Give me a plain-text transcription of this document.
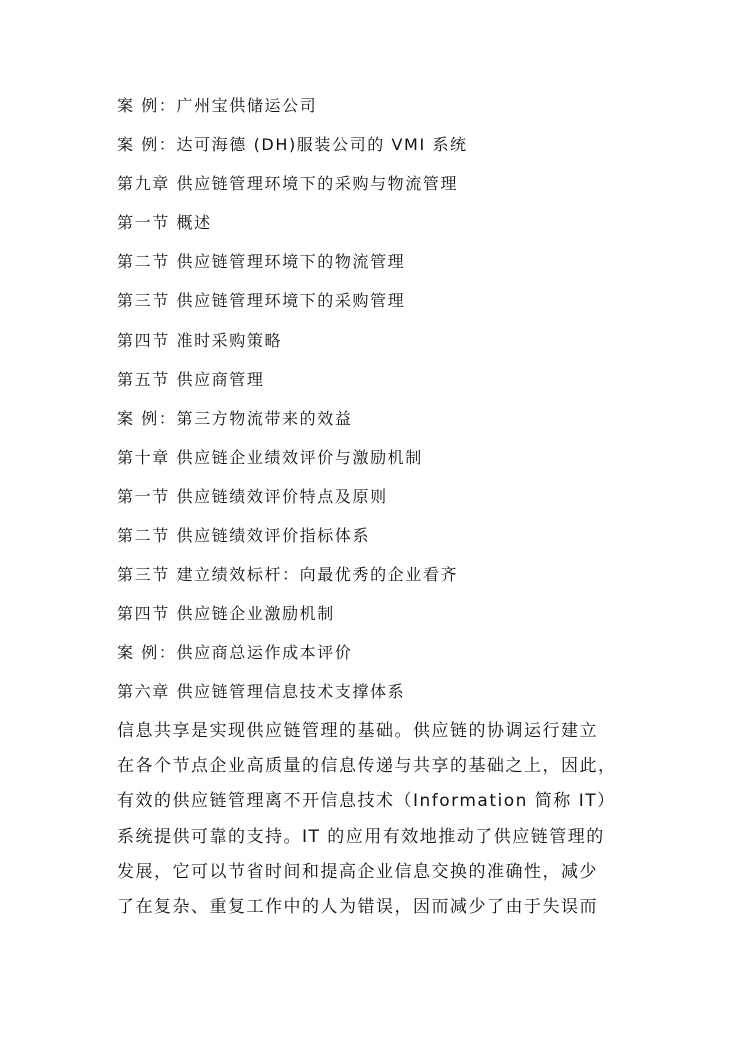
案 例：广州宝供储运公司
案 例：达可海德 (DH)服装公司的 VMI 系统
第九章 供应链管理环境下的采购与物流管理
第一节 概述
第二节 供应链管理环境下的物流管理
第三节 供应链管理环境下的采购管理
第四节 准时采购策略
第五节 供应商管理
案 例：第三方物流带来的效益
第十章 供应链企业绩效评价与激励机制
第一节 供应链绩效评价特点及原则
第二节 供应链绩效评价指标体系
第三节 建立绩效标杆：向最优秀的企业看齐
第四节 供应链企业激励机制
案 例：供应商总运作成本评价
第六章 供应链管理信息技术支撑体系
信息共享是实现供应链管理的基础。供应链的协调运行建立
在各个节点企业高质量的信息传递与共享的基础之上，因此，
有效的供应链管理离不开信息技术（Information 简称 IT）
系统提供可靠的支持。IT 的应用有效地推动了供应链管理的
发展，它可以节省时间和提高企业信息交换的准确性，减少
了在复杂、重复工作中的人为错误，因而减少了由于失误而
